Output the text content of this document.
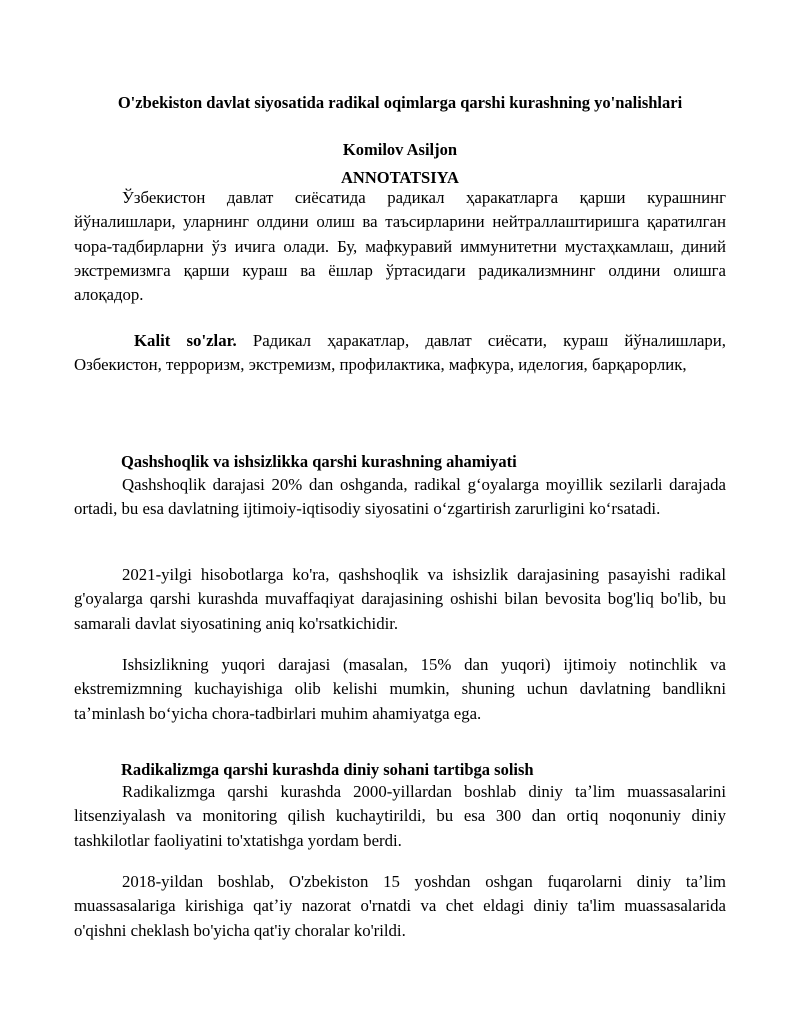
O'zbekiston davlat siyosatida radikal oqimlarga qarshi kurashning yo'nalishlari
Komilov Asiljon
ANNOTATSIYA
Ўзбекистон давлат сиёсатида радикал ҳаракатларга қарши курашнинг йўналишлари, уларнинг олдини олиш ва таъсирларини нейтраллаштиришга қаратилган чора-тадбирларни ўз ичига олади. Бу, мафкуравий иммунитетни мустаҳкамлаш, диний экстремизмга қарши кураш ва ёшлар ўртасидаги радикализмнинг олдини олишга алоқадор.
Kalit so'zlar. Радикал ҳаракатлар, давлат сиёсати, кураш йўналишлари, Озбекистон, терроризм, экстремизм, профилактика, мафкура, иделогия, барқарорлик,
Qashshoqlik va ishsizlikka qarshi kurashning ahamiyati
Qashshoqlik darajasi 20% dan oshganda, radikal gʻoyalarga moyillik sezilarli darajada ortadi, bu esa davlatning ijtimoiy-iqtisodiy siyosatini oʻzgartirish zarurligini koʻrsatadi.
2021-yilgi hisobotlarga ko'ra, qashshoqlik va ishsizlik darajasining pasayishi radikal g'oyalarga qarshi kurashda muvaffaqiyat darajasining oshishi bilan bevosita bog'liq bo'lib, bu samarali davlat siyosatining aniq ko'rsatkichidir.
Ishsizlikning yuqori darajasi (masalan, 15% dan yuqori) ijtimoiy notinchlik va ekstremizmning kuchayishiga olib kelishi mumkin, shuning uchun davlatning bandlikni taʼminlash boʻyicha chora-tadbirlari muhim ahamiyatga ega.
Radikalizmga qarshi kurashda diniy sohani tartibga solish
Radikalizmga qarshi kurashda 2000-yillardan boshlab diniy taʼlim muassasalarini litsenziyalash va monitoring qilish kuchaytirildi, bu esa 300 dan ortiq noqonuniy diniy tashkilotlar faoliyatini to'xtatishga yordam berdi.
2018-yildan boshlab, O'zbekiston 15 yoshdan oshgan fuqarolarni diniy taʼlim muassasalariga kirishiga qatʼiy nazorat o'rnatdi va chet eldagi diniy ta'lim muassasalarida o'qishni cheklash bo'yicha qat'iy choralar ko'rildi.
